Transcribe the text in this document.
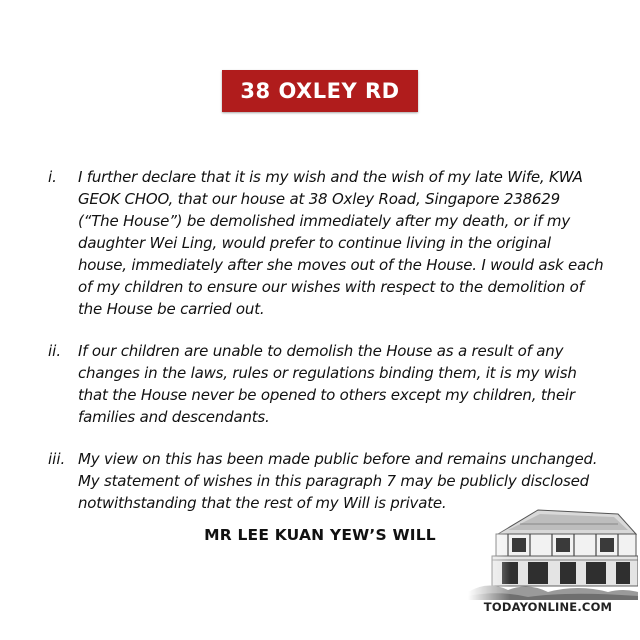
38 OXLEY RD
i.	I further declare that it is my wish and the wish of my late Wife, KWA GEOK CHOO, that our house at 38 Oxley Road, Singapore 238629 (“The House”) be demolished immediately after my death, or if my daughter Wei Ling, would prefer to continue living in the original house, immediately after she moves out of the House. I would ask each of my children to ensure our wishes with respect to the demolition of the House be carried out.
ii.	If our children are unable to demolish the House as a result of any changes in the laws, rules or regulations binding them, it is my wish that the House never be opened to others except my children, their families and descendants.
iii. My view on this has been made public before and remains unchanged. My statement of wishes in this paragraph 7 may be publicly disclosed notwithstanding that the rest of my Will is private.
MR LEE KUAN YEW’S WILL
TODAYONLINE.COM
